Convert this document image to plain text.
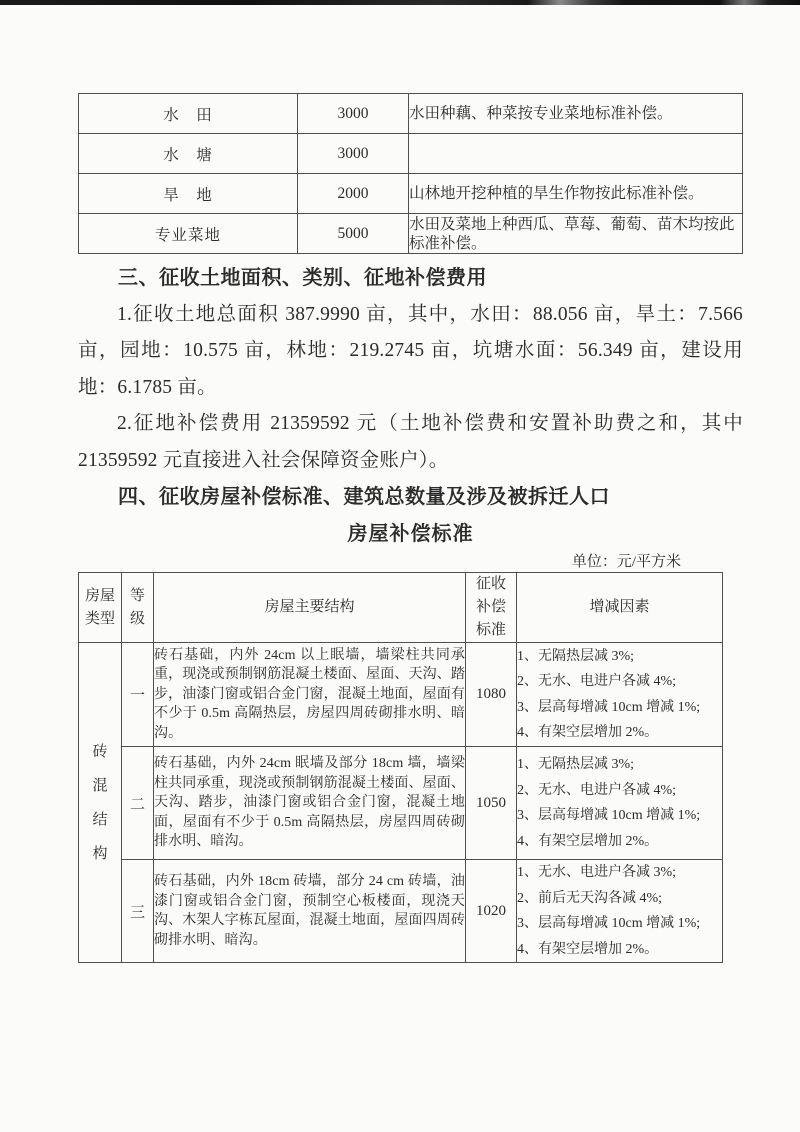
水　田	3000	水田种藕、种菜按专业菜地标准补偿。
水　塘	3000	
旱　地	2000	山林地开挖种植的旱生作物按此标准补偿。
专业菜地	5000	水田及菜地上种西瓜、草莓、葡萄、苗木均按此标准补偿。
三、征收土地面积、类别、征地补偿费用

1.征收土地总面积 387.9990 亩，其中，水田：88.056 亩，旱土：7.566 亩，园地：10.575 亩，林地：219.2745 亩，坑塘水面：56.349 亩，建设用地：6.1785 亩。

2.征地补偿费用 21359592 元（土地补偿费和安置补助费之和，其中 21359592 元直接进入社会保障资金账户）。

四、征收房屋补偿标准、建筑总数量及涉及被拆迁人口
房屋补偿标准
单位：元/平方米
房屋类型	等级	房屋主要结构	征收补偿标准	增减因素

砖混结构	一	砖石基础，内外 24cm 以上眠墙，墙梁柱共同承重，现浇或预制钢筋混凝土楼面、屋面、天沟、踏步，油漆门窗或铝合金门窗，混凝土地面，屋面有不少于 0.5m 高隔热层，房屋四周砖砌排水明、暗沟。	1080	1、无隔热层减 3%;
2、无水、电进户各减 4%;
3、层高每增减 10cm 增减 1%;
4、有架空层增加 2%。

	二	砖石基础，内外 24cm 眠墙及部分 18cm 墙，墙梁柱共同承重，现浇或预制钢筋混凝土楼面、屋面、天沟、踏步，油漆门窗或铝合金门窗，混凝土地面，屋面有不少于 0.5m 高隔热层，房屋四周砖砌排水明、暗沟。	1050	1、无隔热层减 3%;
2、无水、电进户各减 4%;
3、层高每增减 10cm 增减 1%;
4、有架空层增加 2%。

	三	砖石基础，内外 18cm 砖墙，部分 24 cm 砖墙，油漆门窗或铝合金门窗，预制空心板楼面，现浇天沟、木架人字栋瓦屋面，混凝土地面，屋面四周砖砌排水明、暗沟。	1020	1、无水、电进户各减 3%;
2、前后无天沟各减 4%;
3、层高每增减 10cm 增减 1%;
4、有架空层增加 2%。
